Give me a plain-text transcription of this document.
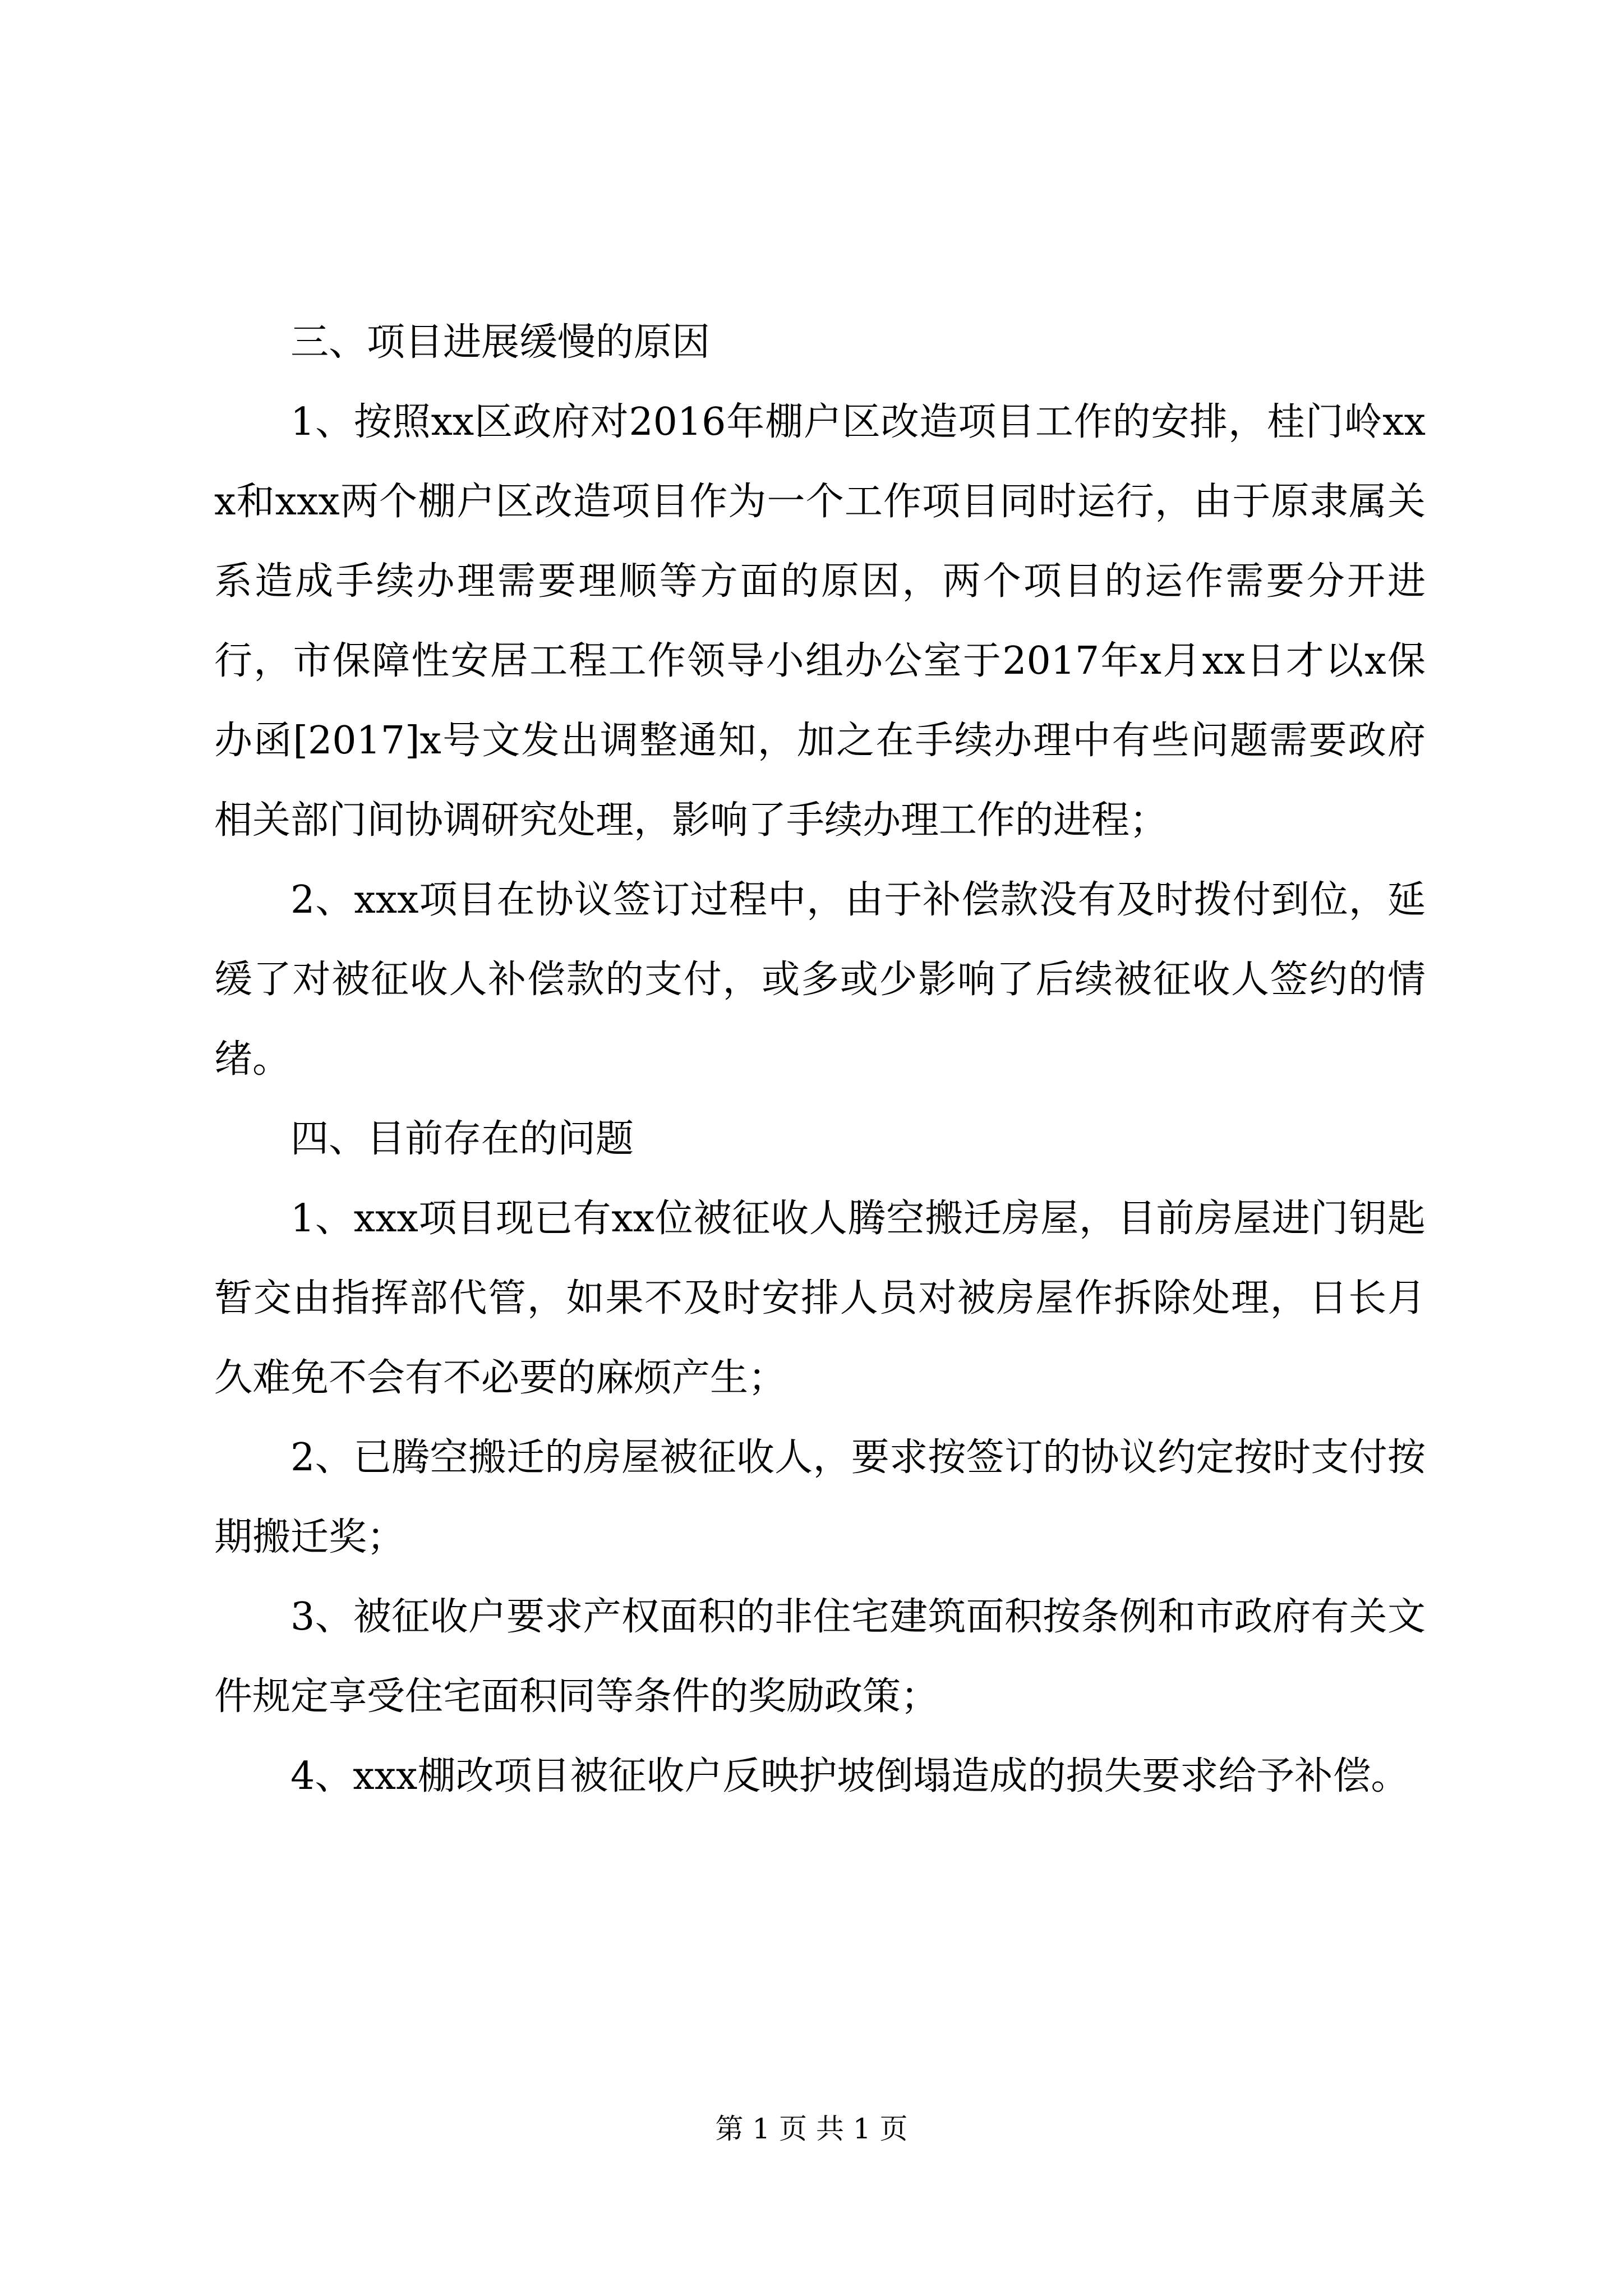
三、项目进展缓慢的原因

1、按照xx区政府对2016年棚户区改造项目工作的安排，桂门岭xxx和xxx两个棚户区改造项目作为一个工作项目同时运行，由于原隶属关系造成手续办理需要理顺等方面的原因，两个项目的运作需要分开进行，市保障性安居工程工作领导小组办公室于2017年x月xx日才以x保办函[2017]x号文发出调整通知，加之在手续办理中有些问题需要政府相关部门间协调研究处理，影响了手续办理工作的进程；

2、xxx项目在协议签订过程中，由于补偿款没有及时拨付到位，延缓了对被征收人补偿款的支付，或多或少影响了后续被征收人签约的情绪。

四、目前存在的问题

1、xxx项目现已有xx位被征收人腾空搬迁房屋，目前房屋进门钥匙暂交由指挥部代管，如果不及时安排人员对被房屋作拆除处理，日长月久难免不会有不必要的麻烦产生；

2、已腾空搬迁的房屋被征收人，要求按签订的协议约定按时支付按期搬迁奖；

3、被征收户要求产权面积的非住宅建筑面积按条例和市政府有关文件规定享受住宅面积同等条件的奖励政策；

4、xxx棚改项目被征收户反映护坡倒塌造成的损失要求给予补偿。

第 1 页 共 1 页
